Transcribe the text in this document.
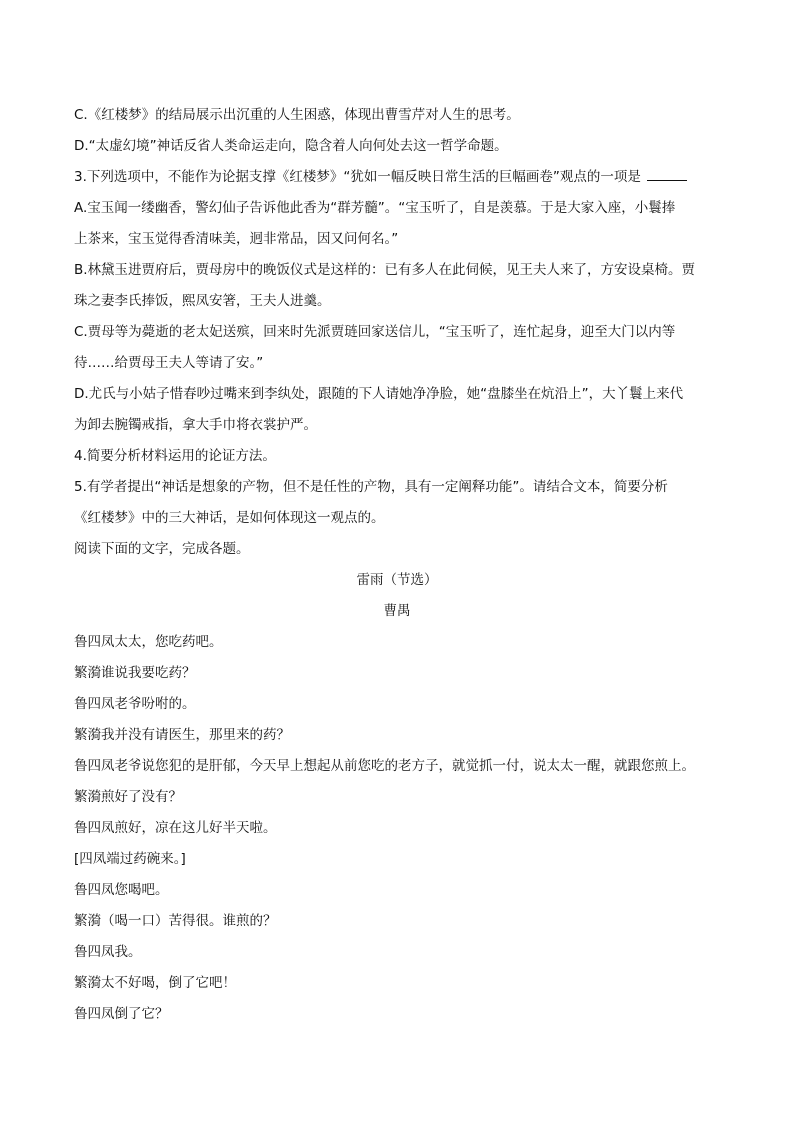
C.《红楼梦》的结局展示出沉重的人生困惑，体现出曹雪芹对人生的思考。

D.“太虚幻境”神话反省人类命运走向，隐含着人向何处去这一哲学命题。

3.下列选项中，不能作为论据支撑《红楼梦》“犹如一幅反映日常生活的巨幅画卷”观点的一项是

A.宝玉闻一缕幽香，警幻仙子告诉他此香为“群芳髓”。“宝玉听了，自是羡慕。于是大家入座，小鬟捧

上茶来，宝玉觉得香清味美，迥非常品，因又问何名。”

B.林黛玉进贾府后，贾母房中的晚饭仪式是这样的：已有多人在此伺候，见王夫人来了，方安设桌椅。贾

珠之妻李氏捧饭，熙凤安箸，王夫人进羹。

C.贾母等为薨逝的老太妃送殡，回来时先派贾琏回家送信儿，“宝玉听了，连忙起身，迎至大门以内等

待……给贾母王夫人等请了安。”

D.尤氏与小姑子惜春吵过嘴来到李纨处，跟随的下人请她净净脸，她“盘膝坐在炕沿上”，大丫鬟上来代

为卸去腕镯戒指，拿大手巾将衣裳护严。

4.简要分析材料运用的论证方法。

5.有学者提出“神话是想象的产物，但不是任性的产物，具有一定阐释功能”。请结合文本，简要分析

《红楼梦》中的三大神话，是如何体现这一观点的。

阅读下面的文字，完成各题。

雷雨（节选）

曹禺

鲁四凤太太，您吃药吧。

繁漪谁说我要吃药？

鲁四凤老爷吩咐的。

繁漪我并没有请医生，那里来的药？

鲁四凤老爷说您犯的是肝郁，今天早上想起从前您吃的老方子，就觉抓一付，说太太一醒，就跟您煎上。

繁漪煎好了没有？

鲁四凤煎好，凉在这儿好半天啦。

[四凤端过药碗来。]

鲁四凤您喝吧。

繁漪（喝一口）苦得很。谁煎的？

鲁四凤我。

繁漪太不好喝，倒了它吧！

鲁四凤倒了它？
